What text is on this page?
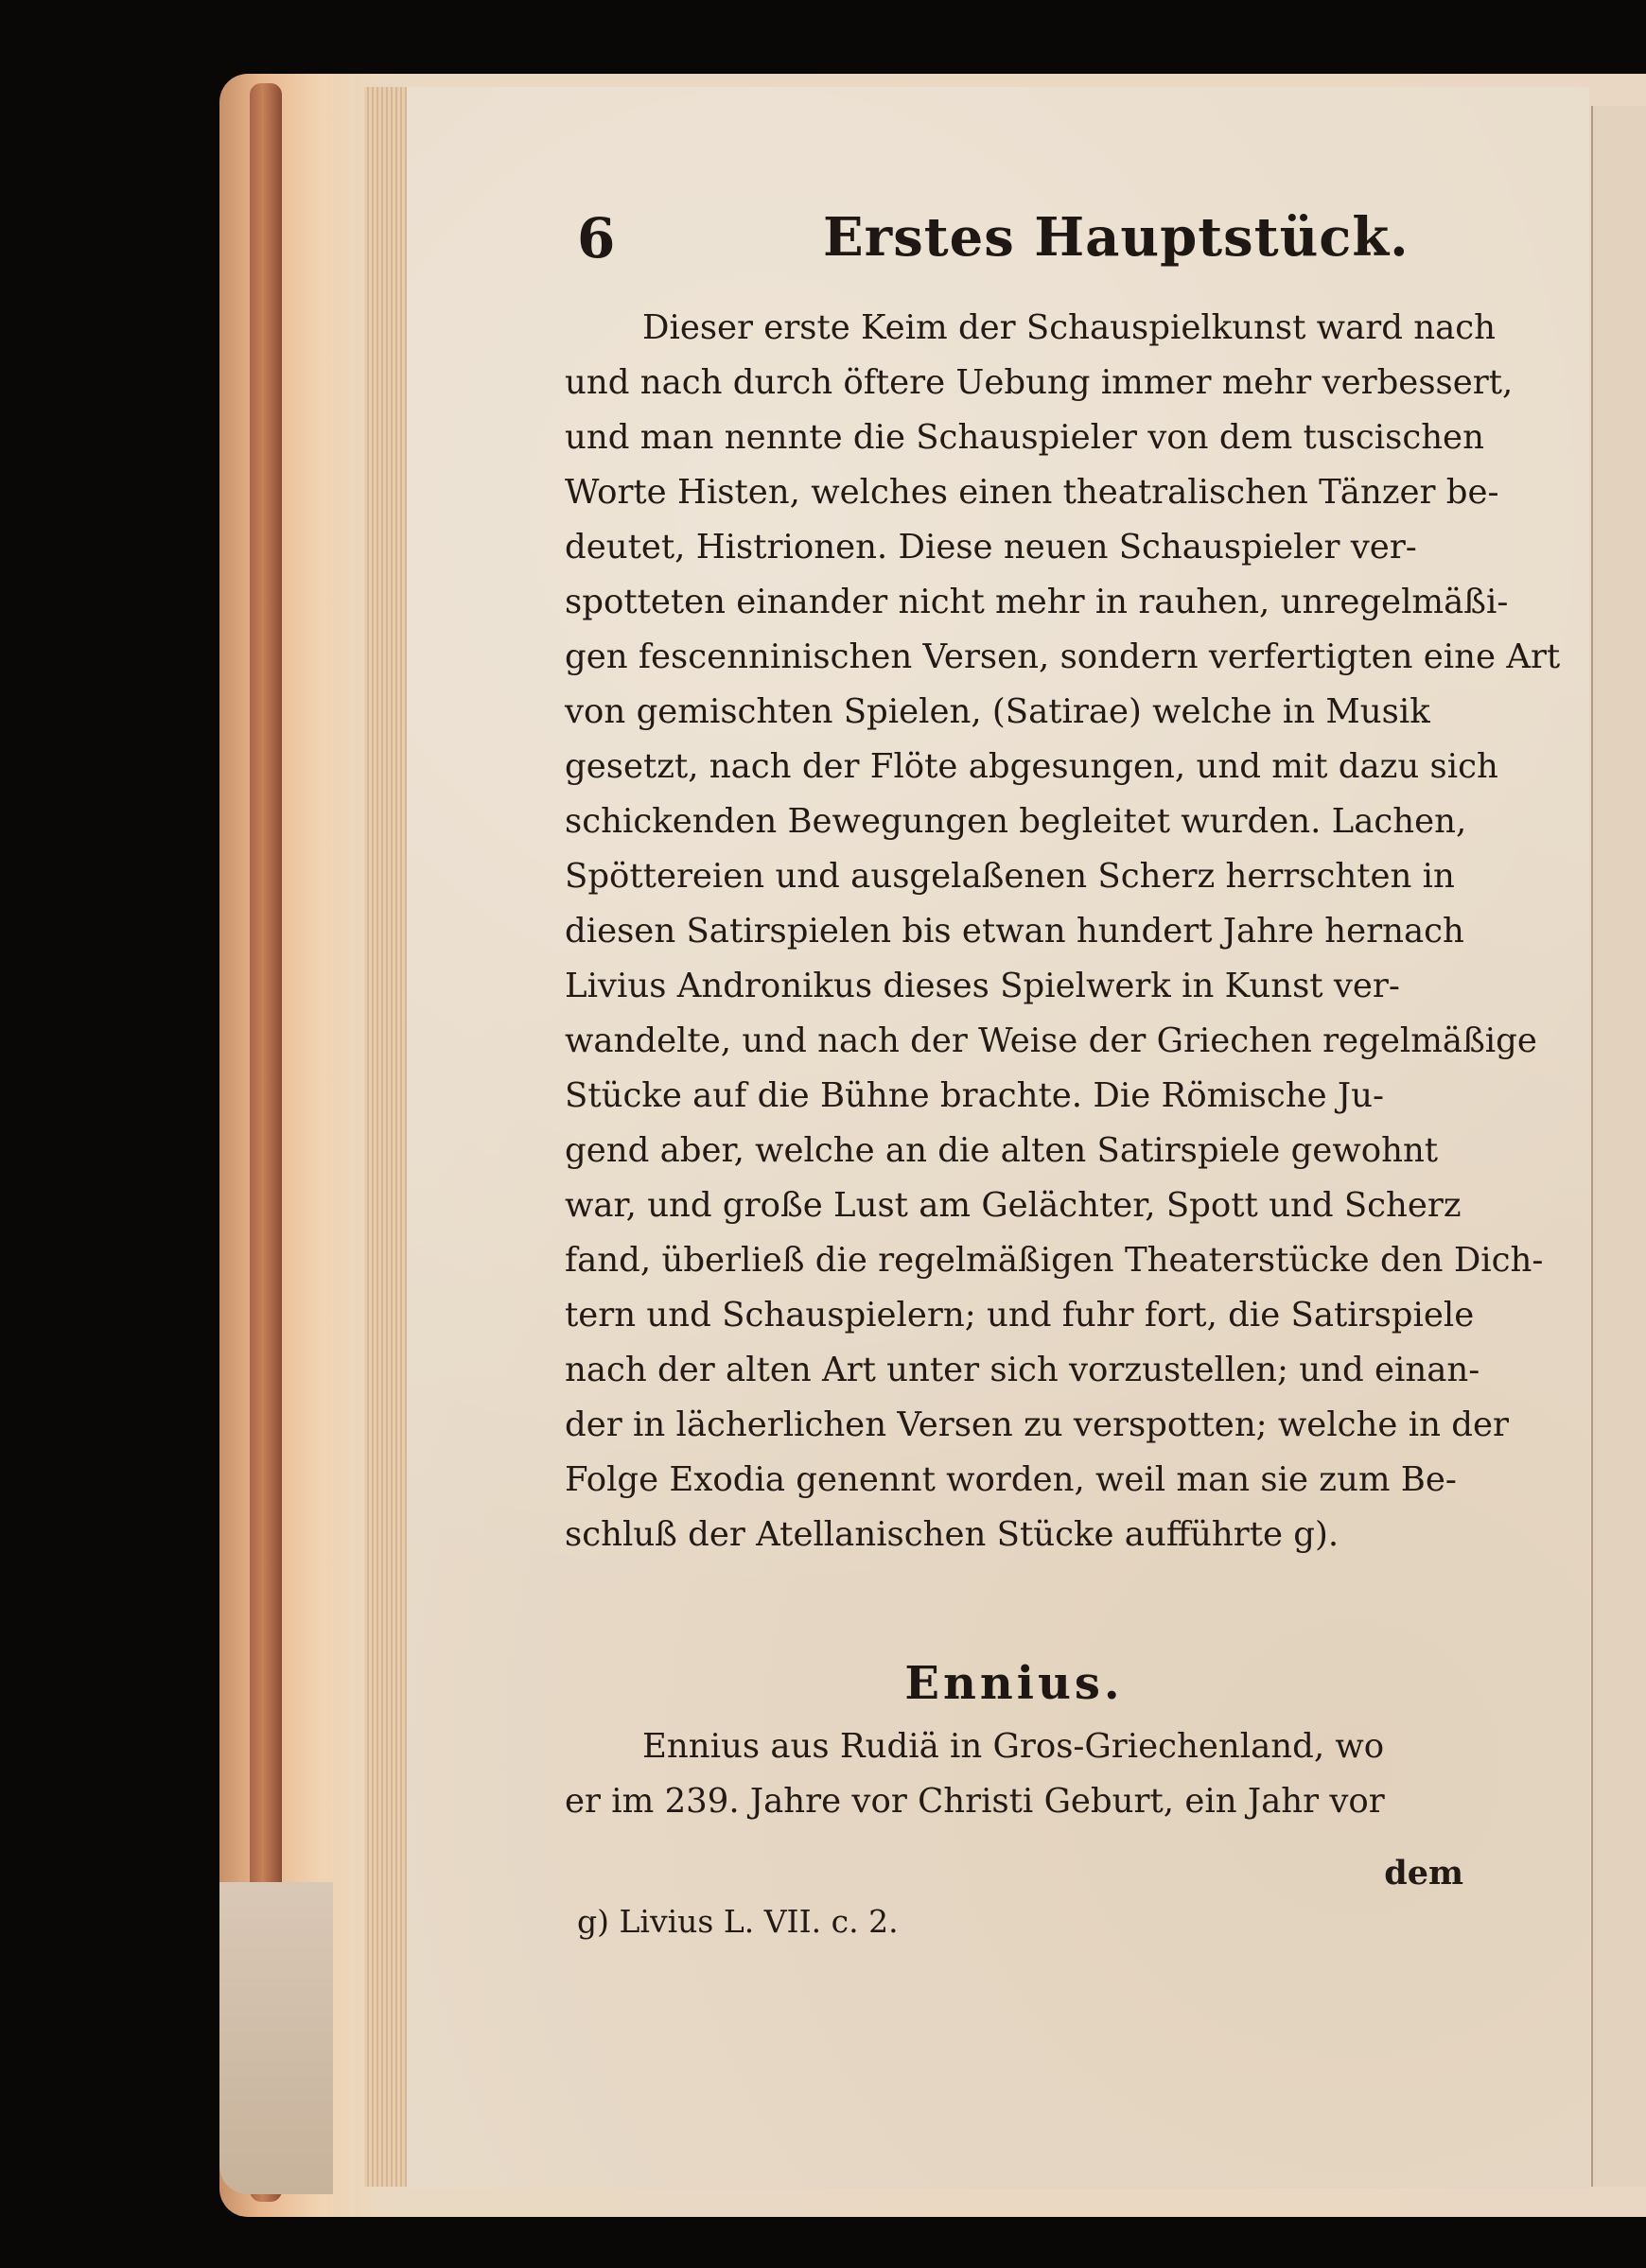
6	Erstes Hauptstück.
Dieser erste Keim der Schauspielkunst ward nach
und nach durch öftere Uebung immer mehr verbessert,
und man nennte die Schauspieler von dem tuscischen
Worte Histen, welches einen theatralischen Tänzer be-
deutet, Histrionen. Diese neuen Schauspieler ver-
spotteten einander nicht mehr in rauhen, unregelmäßi-
gen fescenninischen Versen, sondern verfertigten eine Art
von gemischten Spielen, (Satirae) welche in Musik
gesetzt, nach der Flöte abgesungen, und mit dazu sich
schickenden Bewegungen begleitet wurden. Lachen,
Spöttereien und ausgelaßenen Scherz herrschten in
diesen Satirspielen bis etwan hundert Jahre hernach
Livius Andronikus dieses Spielwerk in Kunst ver-
wandelte, und nach der Weise der Griechen regelmäßige
Stücke auf die Bühne brachte. Die Römische Ju-
gend aber, welche an die alten Satirspiele gewohnt
war, und große Lust am Gelächter, Spott und Scherz
fand, überließ die regelmäßigen Theaterstücke den Dich-
tern und Schauspielern; und fuhr fort, die Satirspiele
nach der alten Art unter sich vorzustellen; und einan-
der in lächerlichen Versen zu verspotten; welche in der
Folge Exodia genennt worden, weil man sie zum Be-
schluß der Atellanischen Stücke aufführte g).
Ennius.
Ennius aus Rudiä in Gros-Griechenland, wo
er im 239. Jahre vor Christi Geburt, ein Jahr vor
dem
g) Livius L. VII. c. 2.
